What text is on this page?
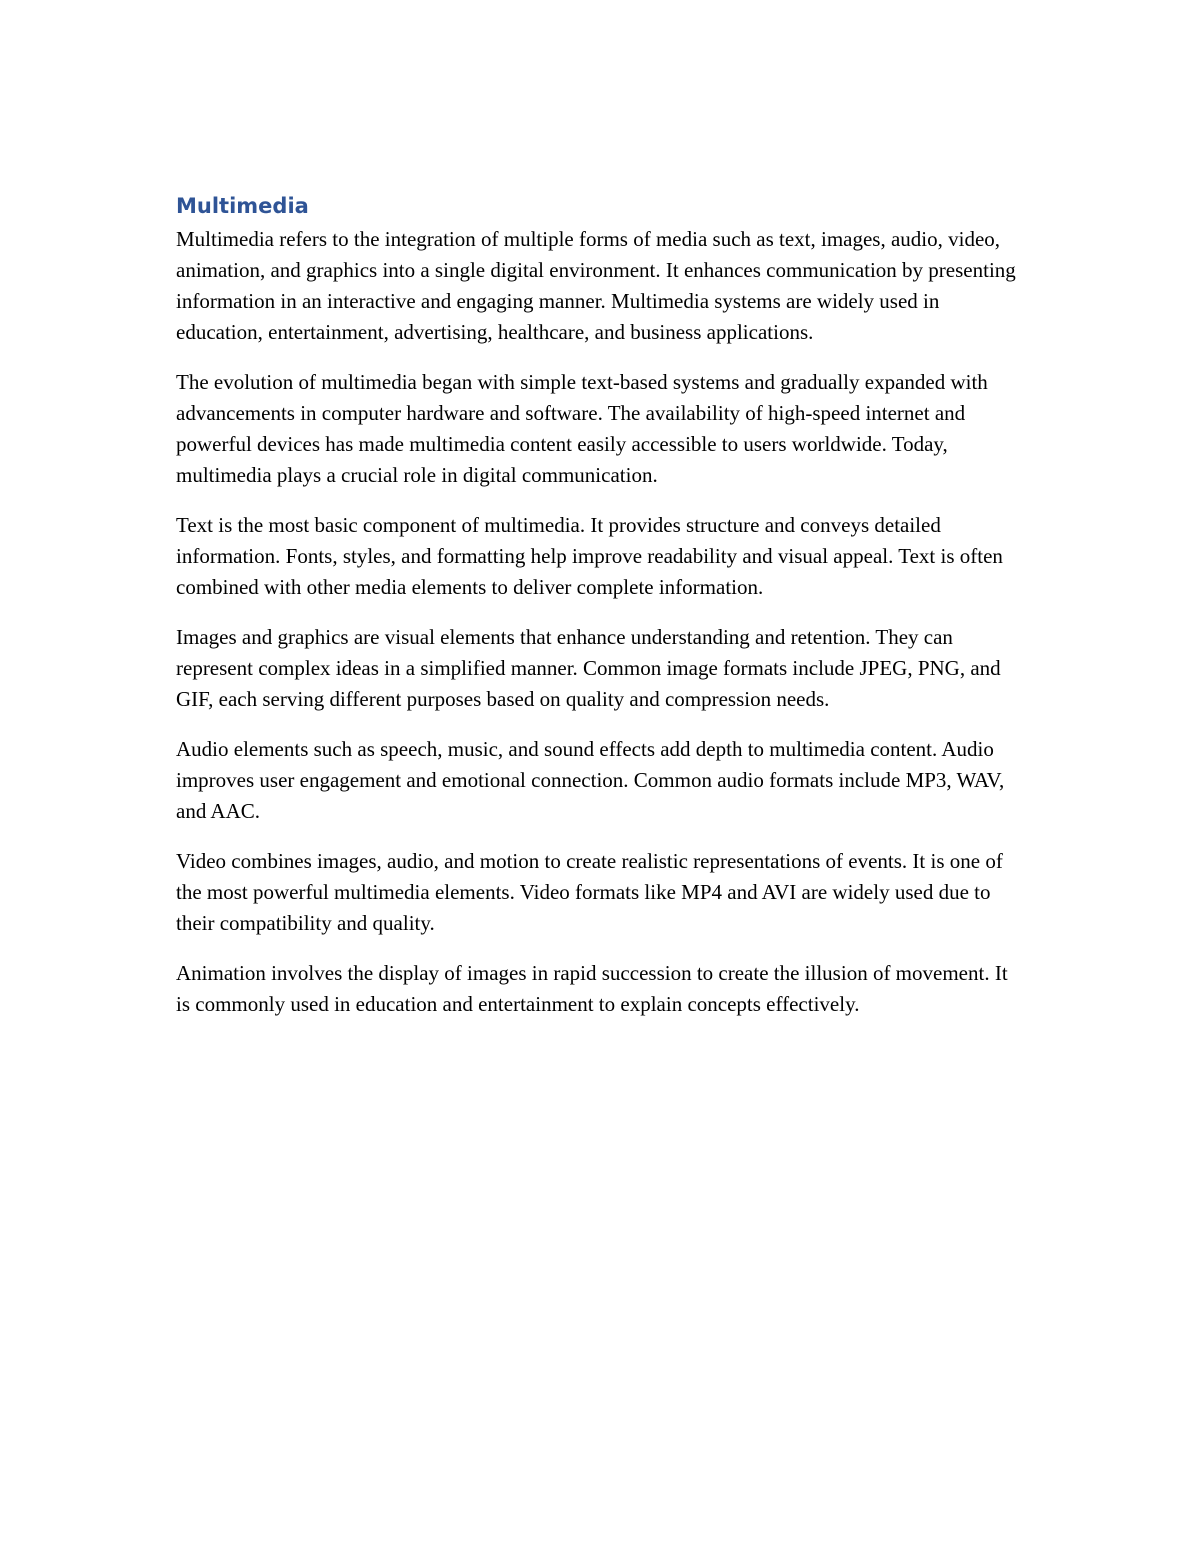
Multimedia

Multimedia refers to the integration of multiple forms of media such as text, images, audio, video, animation, and graphics into a single digital environment. It enhances communication by presenting information in an interactive and engaging manner. Multimedia systems are widely used in education, entertainment, advertising, healthcare, and business applications.

The evolution of multimedia began with simple text-based systems and gradually expanded with advancements in computer hardware and software. The availability of high-speed internet and powerful devices has made multimedia content easily accessible to users worldwide. Today, multimedia plays a crucial role in digital communication.

Text is the most basic component of multimedia. It provides structure and conveys detailed information. Fonts, styles, and formatting help improve readability and visual appeal. Text is often combined with other media elements to deliver complete information.

Images and graphics are visual elements that enhance understanding and retention. They can represent complex ideas in a simplified manner. Common image formats include JPEG, PNG, and GIF, each serving different purposes based on quality and compression needs.

Audio elements such as speech, music, and sound effects add depth to multimedia content. Audio improves user engagement and emotional connection. Common audio formats include MP3, WAV, and AAC.

Video combines images, audio, and motion to create realistic representations of events. It is one of the most powerful multimedia elements. Video formats like MP4 and AVI are widely used due to their compatibility and quality.

Animation involves the display of images in rapid succession to create the illusion of movement. It is commonly used in education and entertainment to explain concepts effectively.
